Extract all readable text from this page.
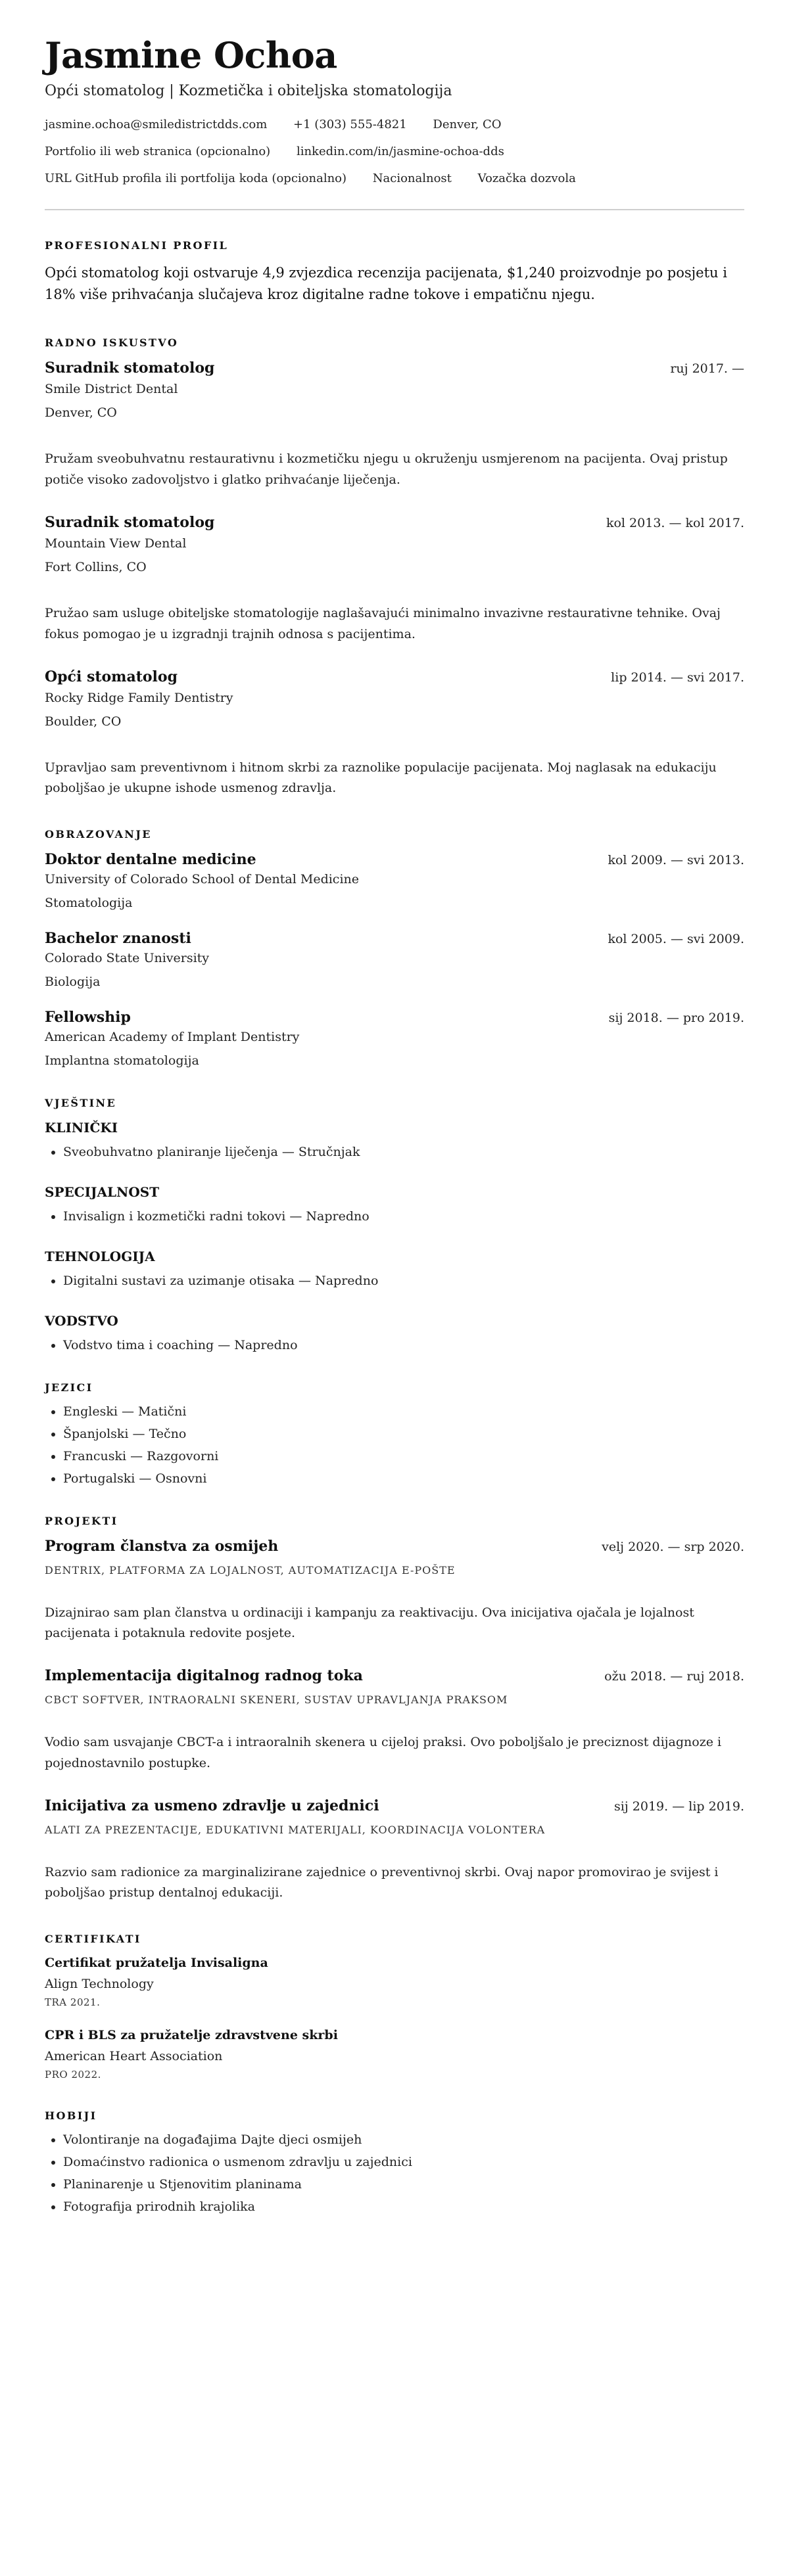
Jasmine Ochoa
Opći stomatolog | Kozmetička i obiteljska stomatologija
jasmine.ochoa@smiledistrictdds.com +1 (303) 555-4821 Denver, CO
Portfolio ili web stranica (opcionalno) linkedin.com/in/jasmine-ochoa-dds
URL GitHub profila ili portfolija koda (opcionalno) Nacionalnost Vozačka dozvola
PROFESIONALNI PROFIL

Opći stomatolog koji ostvaruje 4,9 zvjezdica recenzija pacijenata, $1,240 proizvodnje po posjetu i 18% više prihvaćanja slučajeva kroz digitalne radne tokove i empatičnu njegu.

RADNO ISKUSTVO
Suradnik stomatolog	ruj 2017. —
Smile District Dental
Denver, CO
Pružam sveobuhvatnu restaurativnu i kozmetičku njegu u okruženju usmjerenom na pacijenta. Ovaj pristup potiče visoko zadovoljstvo i glatko prihvaćanje liječenja.
Suradnik stomatolog	kol 2013. — kol 2017.
Mountain View Dental
Fort Collins, CO
Pružao sam usluge obiteljske stomatologije naglašavajući minimalno invazivne restaurativne tehnike. Ovaj fokus pomogao je u izgradnji trajnih odnosa s pacijentima.
Opći stomatolog	lip 2014. — svi 2017.
Rocky Ridge Family Dentistry
Boulder, CO
Upravljao sam preventivnom i hitnom skrbi za raznolike populacije pacijenata. Moj naglasak na edukaciju poboljšao je ukupne ishode usmenog zdravlja.
OBRAZOVANJE
Doktor dentalne medicine	kol 2009. — svi 2013.
University of Colorado School of Dental Medicine
Stomatologija
Bachelor znanosti	kol 2005. — svi 2009.
Colorado State University
Biologija
Fellowship	sij 2018. — pro 2019.
American Academy of Implant Dentistry
Implantna stomatologija
VJEŠTINE
KLINIČKI
• Sveobuhvatno planiranje liječenja — Stručnjak
SPECIJALNOST
• Invisalign i kozmetički radni tokovi — Napredno
TEHNOLOGIJA
• Digitalni sustavi za uzimanje otisaka — Napredno
VODSTVO
• Vodstvo tima i coaching — Napredno
JEZICI
• Engleski — Matični
• Španjolski — Tečno
• Francuski — Razgovorni
• Portugalski — Osnovni
PROJEKTI
Program članstva za osmijeh	velj 2020. — srp 2020.
DENTRIX, PLATFORMA ZA LOJALNOST, AUTOMATIZACIJA E-POŠTE
Dizajnirao sam plan članstva u ordinaciji i kampanju za reaktivaciju. Ova inicijativa ojačala je lojalnost pacijenata i potaknula redovite posjete.
Implementacija digitalnog radnog toka	ožu 2018. — ruj 2018.
CBCT SOFTVER, INTRAORALNI SKENERI, SUSTAV UPRAVLJANJA PRAKSOM
Vodio sam usvajanje CBCT-a i intraoralnih skenera u cijeloj praksi. Ovo poboljšalo je preciznost dijagnoze i pojednostavnilo postupke.
Inicijativa za usmeno zdravlje u zajednici	sij 2019. — lip 2019.
ALATI ZA PREZENTACIJE, EDUKATIVNI MATERIJALI, KOORDINACIJA VOLONTERA
Razvio sam radionice za marginalizirane zajednice o preventivnoj skrbi. Ovaj napor promovirao je svijest i poboljšao pristup dentalnoj edukaciji.
CERTIFIKATI
Certifikat pružatelja Invisaligna
Align Technology
TRA 2021.
CPR i BLS za pružatelje zdravstvene skrbi
American Heart Association
PRO 2022.
HOBIJI
• Volontiranje na događajima Dajte djeci osmijeh
• Domaćinstvo radionica o usmenom zdravlju u zajednici
• Planinarenje u Stjenovitim planinama
• Fotografija prirodnih krajolika
